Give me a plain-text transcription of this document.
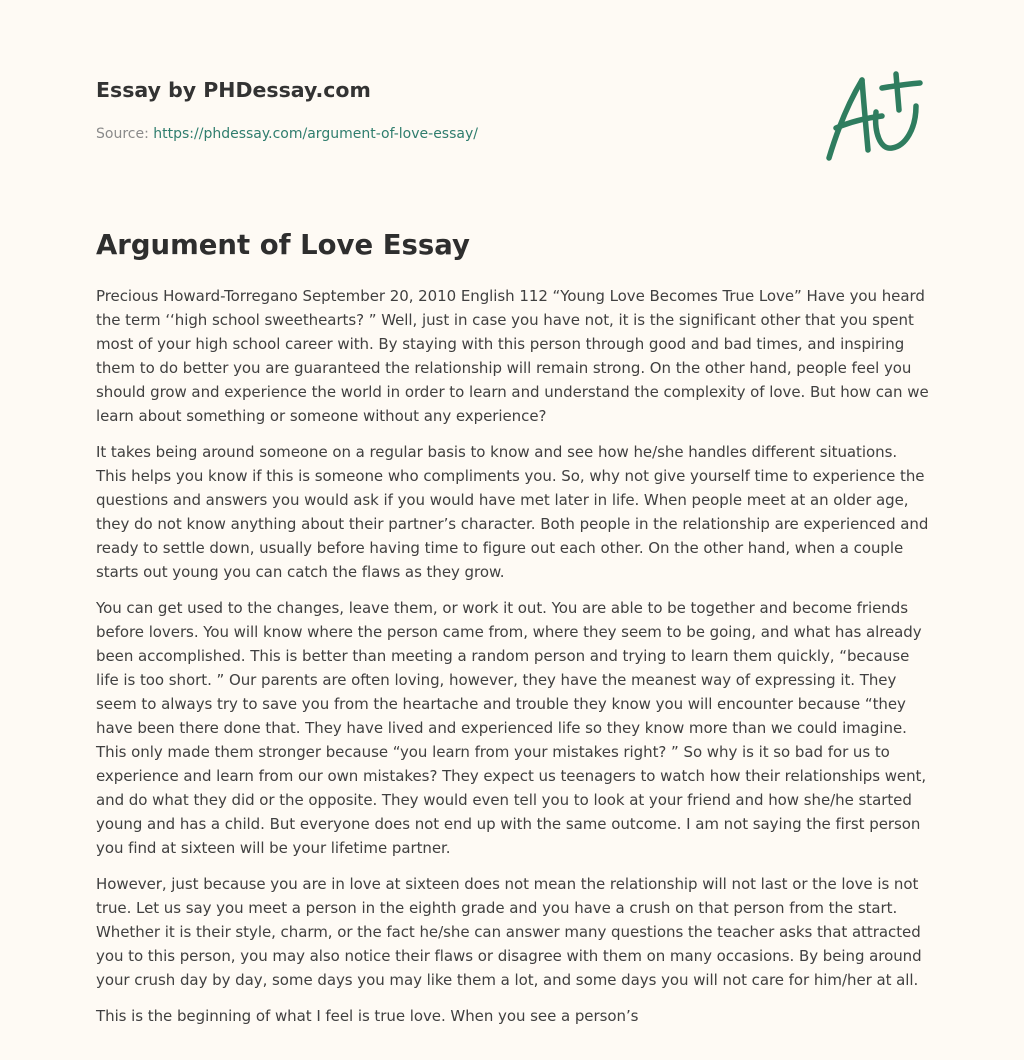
Essay by PHDessay.com
Source: https://phdessay.com/argument-of-love-essay/
Argument of Love Essay

Precious Howard-Torregano September 20, 2010 English 112 “Young Love Becomes True Love” Have you heard the term ‘‘high school sweethearts? ” Well, just in case you have not, it is the significant other that you spent most of your high school career with. By staying with this person through good and bad times, and inspiring them to do better you are guaranteed the relationship will remain strong. On the other hand, people feel you should grow and experience the world in order to learn and understand the complexity of love. But how can we learn about something or someone without any experience?

It takes being around someone on a regular basis to know and see how he/she handles different situations. This helps you know if this is someone who compliments you. So, why not give yourself time to experience the questions and answers you would ask if you would have met later in life. When people meet at an older age, they do not know anything about their partner’s character. Both people in the relationship are experienced and ready to settle down, usually before having time to figure out each other. On the other hand, when a couple starts out young you can catch the flaws as they grow.

You can get used to the changes, leave them, or work it out. You are able to be together and become friends before lovers. You will know where the person came from, where they seem to be going, and what has already been accomplished. This is better than meeting a random person and trying to learn them quickly, “because life is too short. ” Our parents are often loving, however, they have the meanest way of expressing it. They seem to always try to save you from the heartache and trouble they know you will encounter because “they have been there done that. They have lived and experienced life so they know more than we could imagine. This only made them stronger because “you learn from your mistakes right? ” So why is it so bad for us to experience and learn from our own mistakes? They expect us teenagers to watch how their relationships went, and do what they did or the opposite. They would even tell you to look at your friend and how she/he started young and has a child. But everyone does not end up with the same outcome. I am not saying the first person you find at sixteen will be your lifetime partner.

However, just because you are in love at sixteen does not mean the relationship will not last or the love is not true. Let us say you meet a person in the eighth grade and you have a crush on that person from the start. Whether it is their style, charm, or the fact he/she can answer many questions the teacher asks that attracted you to this person, you may also notice their flaws or disagree with them on many occasions. By being around your crush day by day, some days you may like them a lot, and some days you will not care for him/her at all.

This is the beginning of what I feel is true love. When you see a person’s
